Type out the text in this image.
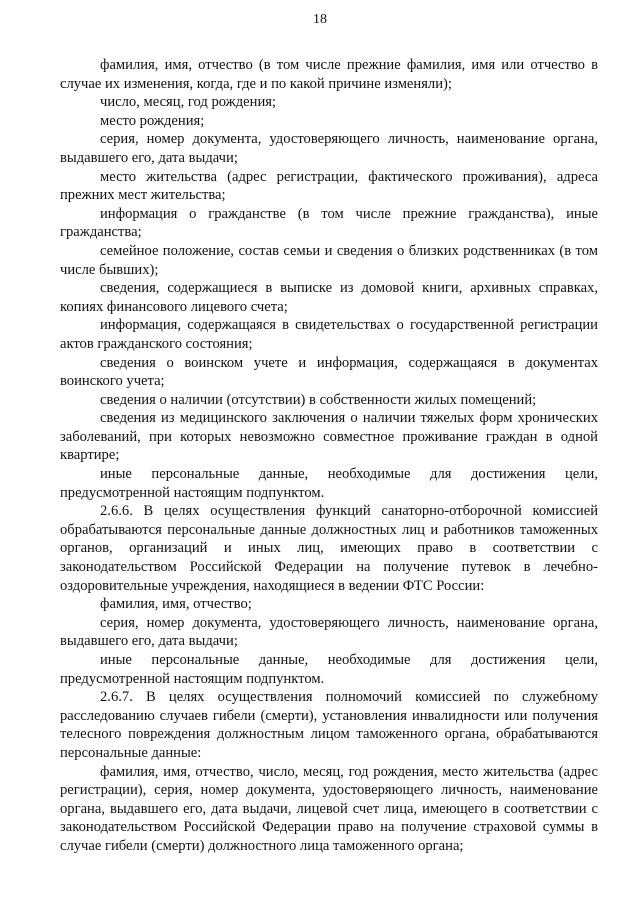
18

фамилия, имя, отчество (в том числе прежние фамилия, имя или отчество в случае их изменения, когда, где и по какой причине изменяли);

число, месяц, год рождения;

место рождения;

серия, номер документа, удостоверяющего личность, наименование органа, выдавшего его, дата выдачи;

место жительства (адрес регистрации, фактического проживания), адреса прежних мест жительства;

информация о гражданстве (в том числе прежние гражданства), иные гражданства;

семейное положение, состав семьи и сведения о близких родственниках (в том числе бывших);

сведения, содержащиеся в выписке из домовой книги, архивных справках, копиях финансового лицевого счета;

информация, содержащаяся в свидетельствах о государственной регистрации актов гражданского состояния;

сведения о воинском учете и информация, содержащаяся в документах воинского учета;

сведения о наличии (отсутствии) в собственности жилых помещений;

сведения из медицинского заключения о наличии тяжелых форм хронических заболеваний, при которых невозможно совместное проживание граждан в одной квартире;

иные персональные данные, необходимые для достижения цели, предусмотренной настоящим подпунктом.

2.6.6. В целях осуществления функций санаторно-отборочной комиссией обрабатываются персональные данные должностных лиц и работников таможенных органов, организаций и иных лиц, имеющих право в соответствии с законодательством Российской Федерации на получение путевок в лечебно-оздоровительные учреждения, находящиеся в ведении ФТС России:

фамилия, имя, отчество;

серия, номер документа, удостоверяющего личность, наименование органа, выдавшего его, дата выдачи;

иные персональные данные, необходимые для достижения цели, предусмотренной настоящим подпунктом.

2.6.7. В целях осуществления полномочий комиссией по служебному расследованию случаев гибели (смерти), установления инвалидности или получения телесного повреждения должностным лицом таможенного органа, обрабатываются персональные данные:

фамилия, имя, отчество, число, месяц, год рождения, место жительства (адрес регистрации), серия, номер документа, удостоверяющего личность, наименование органа, выдавшего его, дата выдачи, лицевой счет лица, имеющего в соответствии с законодательством Российской Федерации право на получение страховой суммы в случае гибели (смерти) должностного лица таможенного органа;
